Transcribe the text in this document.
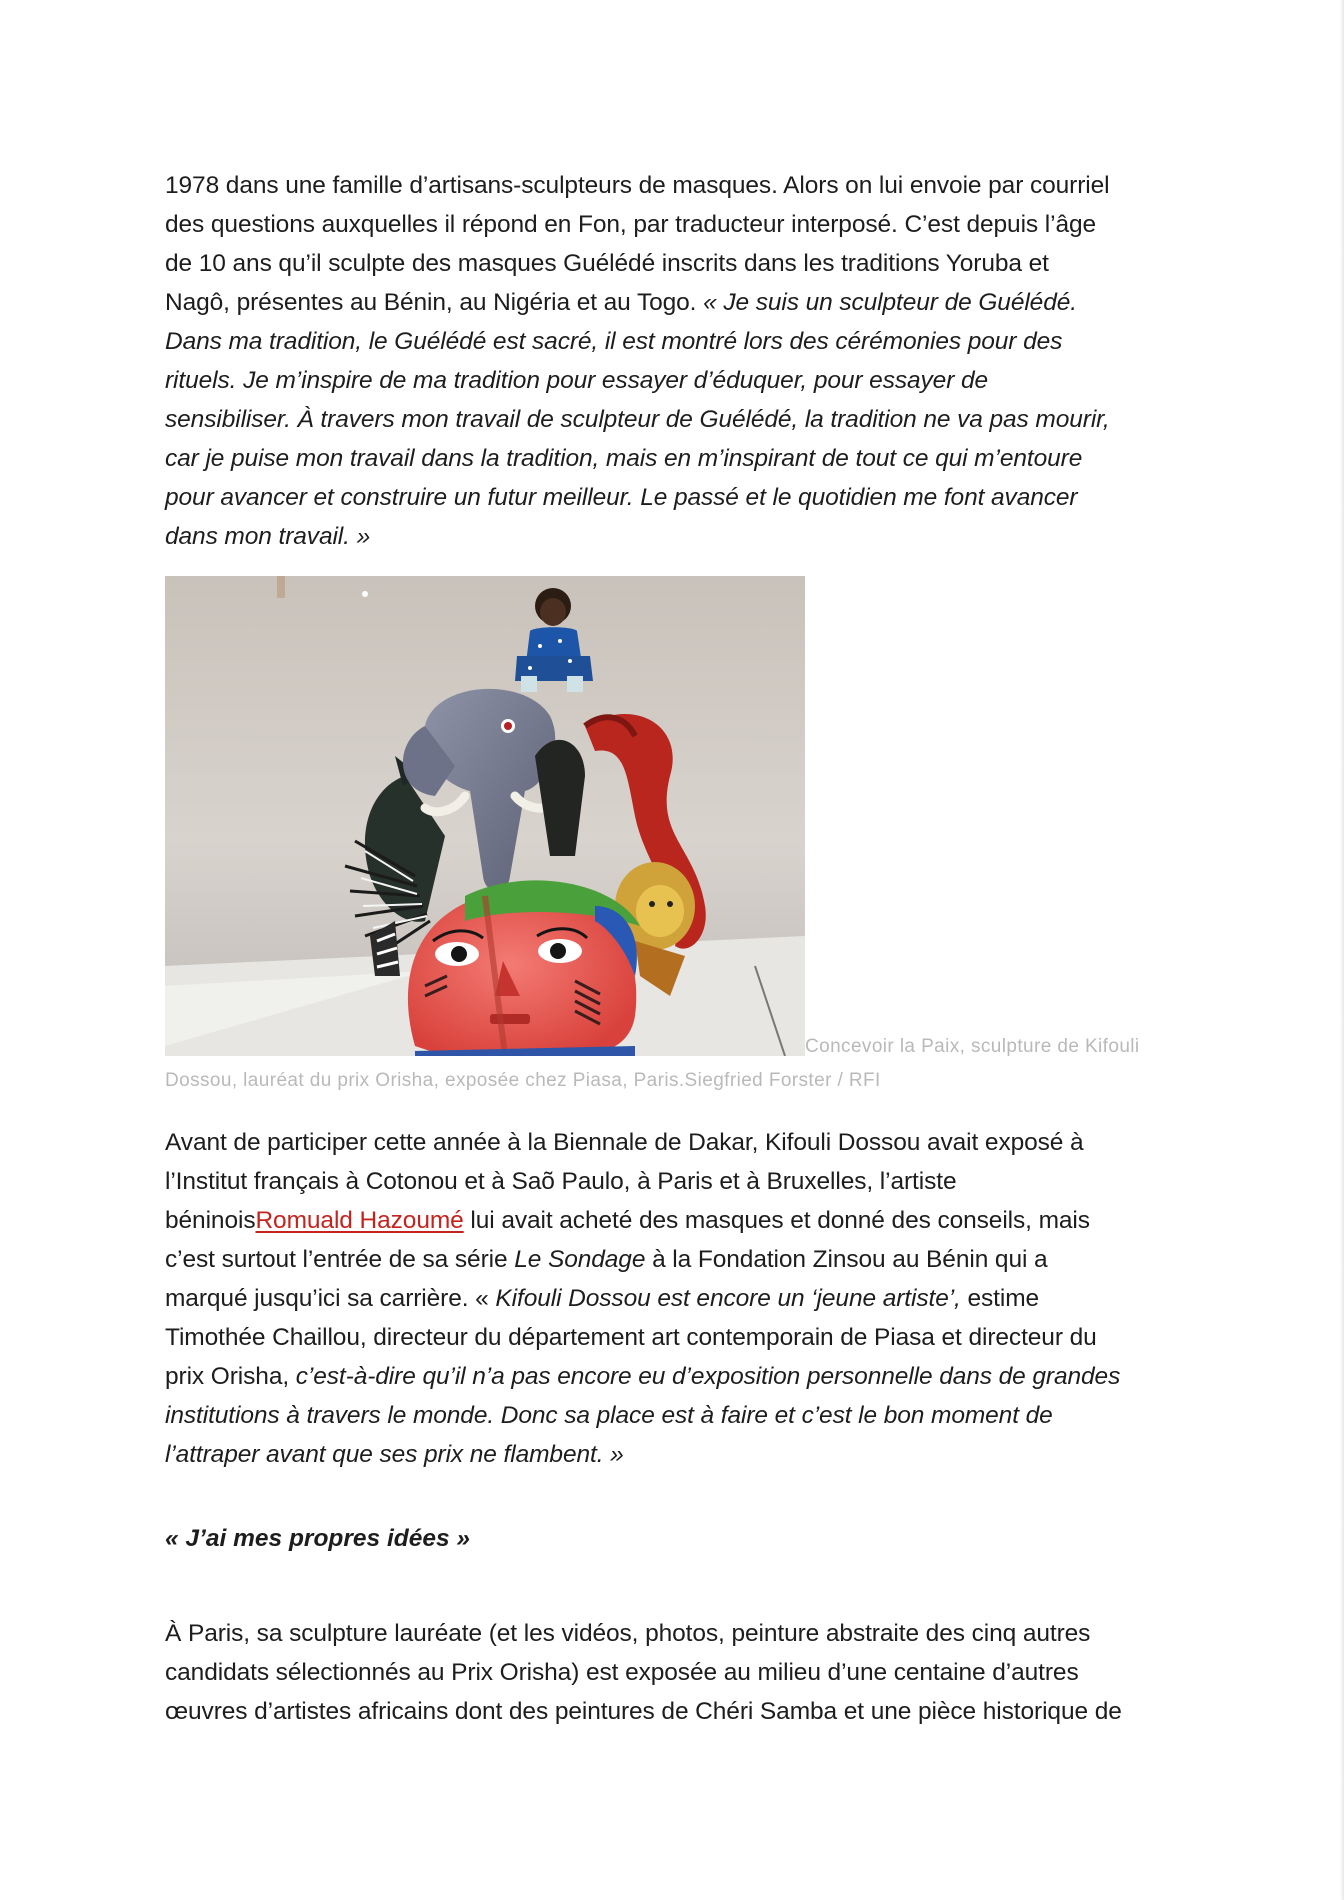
1978 dans une famille d’artisans-sculpteurs de masques. Alors on lui envoie par courriel
des questions auxquelles il répond en Fon, par traducteur interposé. C’est depuis l’âge
de 10 ans qu’il sculpte des masques Guélédé inscrits dans les traditions Yoruba et
Nagô, présentes au Bénin, au Nigéria et au Togo. « Je suis un sculpteur de Guélédé.
Dans ma tradition, le Guélédé est sacré, il est montré lors des cérémonies pour des
rituels. Je m’inspire de ma tradition pour essayer d’éduquer, pour essayer de
sensibiliser. À travers mon travail de sculpteur de Guélédé, la tradition ne va pas mourir,
car je puise mon travail dans la tradition, mais en m’inspirant de tout ce qui m’entoure
pour avancer et construire un futur meilleur. Le passé et le quotidien me font avancer
dans mon travail. »

Concevoir la Paix, sculpture de Kifouli
Dossou, lauréat du prix Orisha, exposée chez Piasa, Paris.Siegfried Forster / RFI

Avant de participer cette année à la Biennale de Dakar, Kifouli Dossou avait exposé à
l’Institut français à Cotonou et à Saõ Paulo, à Paris et à Bruxelles, l’artiste
béninoisRomuald Hazoumé lui avait acheté des masques et donné des conseils, mais
c’est surtout l’entrée de sa série Le Sondage à la Fondation Zinsou au Bénin qui a
marqué jusqu’ici sa carrière. « Kifouli Dossou est encore un ‘jeune artiste’, estime
Timothée Chaillou, directeur du département art contemporain de Piasa et directeur du
prix Orisha, c’est-à-dire qu’il n’a pas encore eu d’exposition personnelle dans de grandes
institutions à travers le monde. Donc sa place est à faire et c’est le bon moment de
l’attraper avant que ses prix ne flambent. »

« J’ai mes propres idées »

À Paris, sa sculpture lauréate (et les vidéos, photos, peinture abstraite des cinq autres
candidats sélectionnés au Prix Orisha) est exposée au milieu d’une centaine d’autres
œuvres d’artistes africains dont des peintures de Chéri Samba et une pièce historique de
